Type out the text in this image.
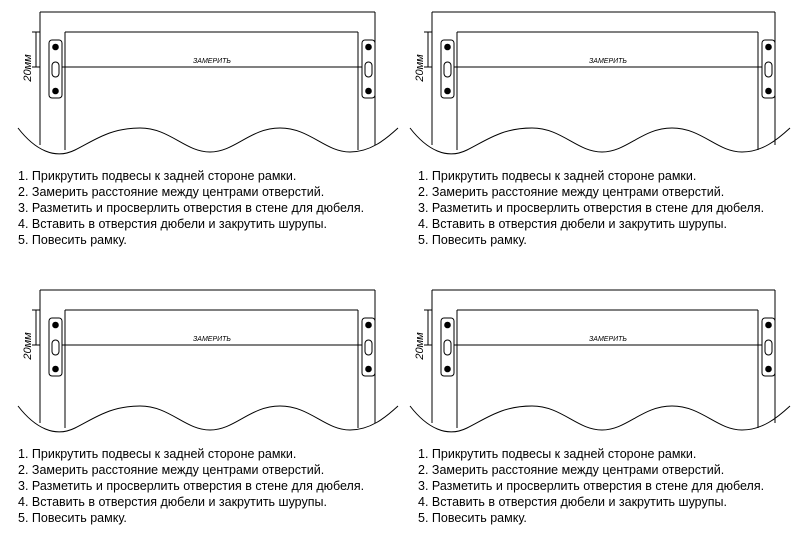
ЗАМЕРИТЬ
20мм
1. Прикрутить подвесы к задней стороне рамки.
2. Замерить расстояние между центрами отверстий.
3. Разметить и просверлить отверстия в стене для дюбеля.
4. Вставить в отверстия дюбели и закрутить шурупы.
5. Повесить рамку.
ЗАМЕРИТЬ
20мм
1. Прикрутить подвесы к задней стороне рамки.
2. Замерить расстояние между центрами отверстий.
3. Разметить и просверлить отверстия в стене для дюбеля.
4. Вставить в отверстия дюбели и закрутить шурупы.
5. Повесить рамку.
ЗАМЕРИТЬ
20мм
1. Прикрутить подвесы к задней стороне рамки.
2. Замерить расстояние между центрами отверстий.
3. Разметить и просверлить отверстия в стене для дюбеля.
4. Вставить в отверстия дюбели и закрутить шурупы.
5. Повесить рамку.
ЗАМЕРИТЬ
20мм
1. Прикрутить подвесы к задней стороне рамки.
2. Замерить расстояние между центрами отверстий.
3. Разметить и просверлить отверстия в стене для дюбеля.
4. Вставить в отверстия дюбели и закрутить шурупы.
5. Повесить рамку.
